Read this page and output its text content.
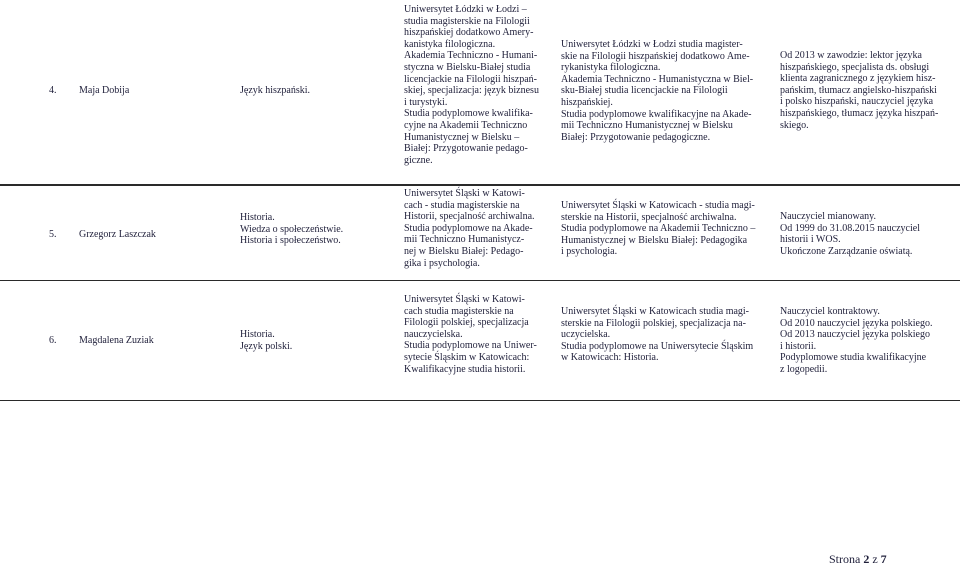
4. Maja Dobija	Język hiszpański.
Uniwersytet Łódzki w Łodzi –
studia magisterskie na Filologii
hiszpańskiej dodatkowo Amery-
kanistyka filologiczna.
Akademia Techniczno - Humani-
styczna w Bielsku-Białej studia
licencjackie na Filologii hiszpań-
skiej, specjalizacja: język biznesu
i turystyki.
Studia podyplomowe kwalifika-
cyjne na Akademii Techniczno
Humanistycznej w Bielsku –
Białej: Przygotowanie pedago-
giczne.
Uniwersytet Łódzki w Łodzi studia magister-
skie na Filologii hiszpańskiej dodatkowo Ame-
rykanistyka filologiczna.
Akademia Techniczno - Humanistyczna w Biel-
sku-Białej studia licencjackie na Filologii
hiszpańskiej.
Studia podyplomowe kwalifikacyjne na Akade-
mii Techniczno Humanistycznej w Bielsku
Białej: Przygotowanie pedagogiczne.
Od 2013 w zawodzie: lektor języka
hiszpańskiego, specjalista ds. obsługi
klienta zagranicznego z językiem hisz-
pańskim, tłumacz angielsko-hiszpański
i polsko hiszpański, nauczyciel języka
hiszpańskiego, tłumacz języka hiszpań-
skiego.
5. Grzegorz Laszczak
Historia.
Wiedza o społeczeństwie.
Historia i społeczeństwo.
Uniwersytet Śląski w Katowi-
cach - studia magisterskie na
Historii, specjalność archiwalna.
Studia podyplomowe na Akade-
mii Techniczno Humanistycz-
nej w Bielsku Białej: Pedago-
gika i psychologia.
Uniwersytet Śląski w Katowicach - studia magi-
sterskie na Historii, specjalność archiwalna.
Studia podyplomowe na Akademii Techniczno –
Humanistycznej w Bielsku Białej: Pedagogika
i psychologia.
Nauczyciel mianowany.
Od 1999 do 31.08.2015 nauczyciel
historii i WOS.
Ukończone Zarządzanie oświatą.
6. Magdalena Zuziak
Historia.
Język polski.
Uniwersytet Śląski w Katowi-
cach studia magisterskie na
Filologii polskiej, specjalizacja
nauczycielska.
Studia podyplomowe na Uniwer-
sytecie Śląskim w Katowicach:
Kwalifikacyjne studia historii.
Uniwersytet Śląski w Katowicach studia magi-
sterskie na Filologii polskiej, specjalizacja na-
uczycielska.
Studia podyplomowe na Uniwersytecie Śląskim
w Katowicach: Historia.
Nauczyciel kontraktowy.
Od 2010 nauczyciel języka polskiego.
Od 2013 nauczyciel języka polskiego
i historii.
Podyplomowe studia kwalifikacyjne
z logopedii.
Strona 2 z 7
